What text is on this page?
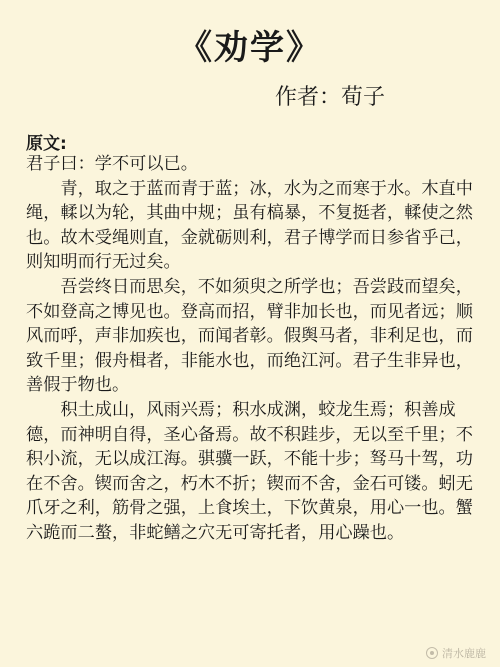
《劝学》
作者：荀子
原文:

君子曰：学不可以已。

青，取之于蓝而青于蓝；冰，水为之而寒于水。木直中绳，輮以为轮，其曲中规；虽有槁暴，不复挺者，輮使之然也。故木受绳则直，金就砺则利，君子博学而日参省乎己，则知明而行无过矣。

吾尝终日而思矣，不如须臾之所学也；吾尝跂而望矣，不如登高之博见也。登高而招，臂非加长也，而见者远；顺风而呼，声非加疾也，而闻者彰。假舆马者，非利足也，而致千里；假舟楫者，非能水也，而绝江河。君子生非异也，善假于物也。

积土成山，风雨兴焉；积水成渊，蛟龙生焉；积善成德，而神明自得，圣心备焉。故不积跬步，无以至千里；不积小流，无以成江海。骐骥一跃，不能十步；驽马十驾，功在不舍。锲而舍之，朽木不折；锲而不舍，金石可镂。蚓无爪牙之利，筋骨之强，上食埃土，下饮黄泉，用心一也。蟹六跪而二螯，非蛇鳝之穴无可寄托者，用心躁也。

清水鹿鹿
